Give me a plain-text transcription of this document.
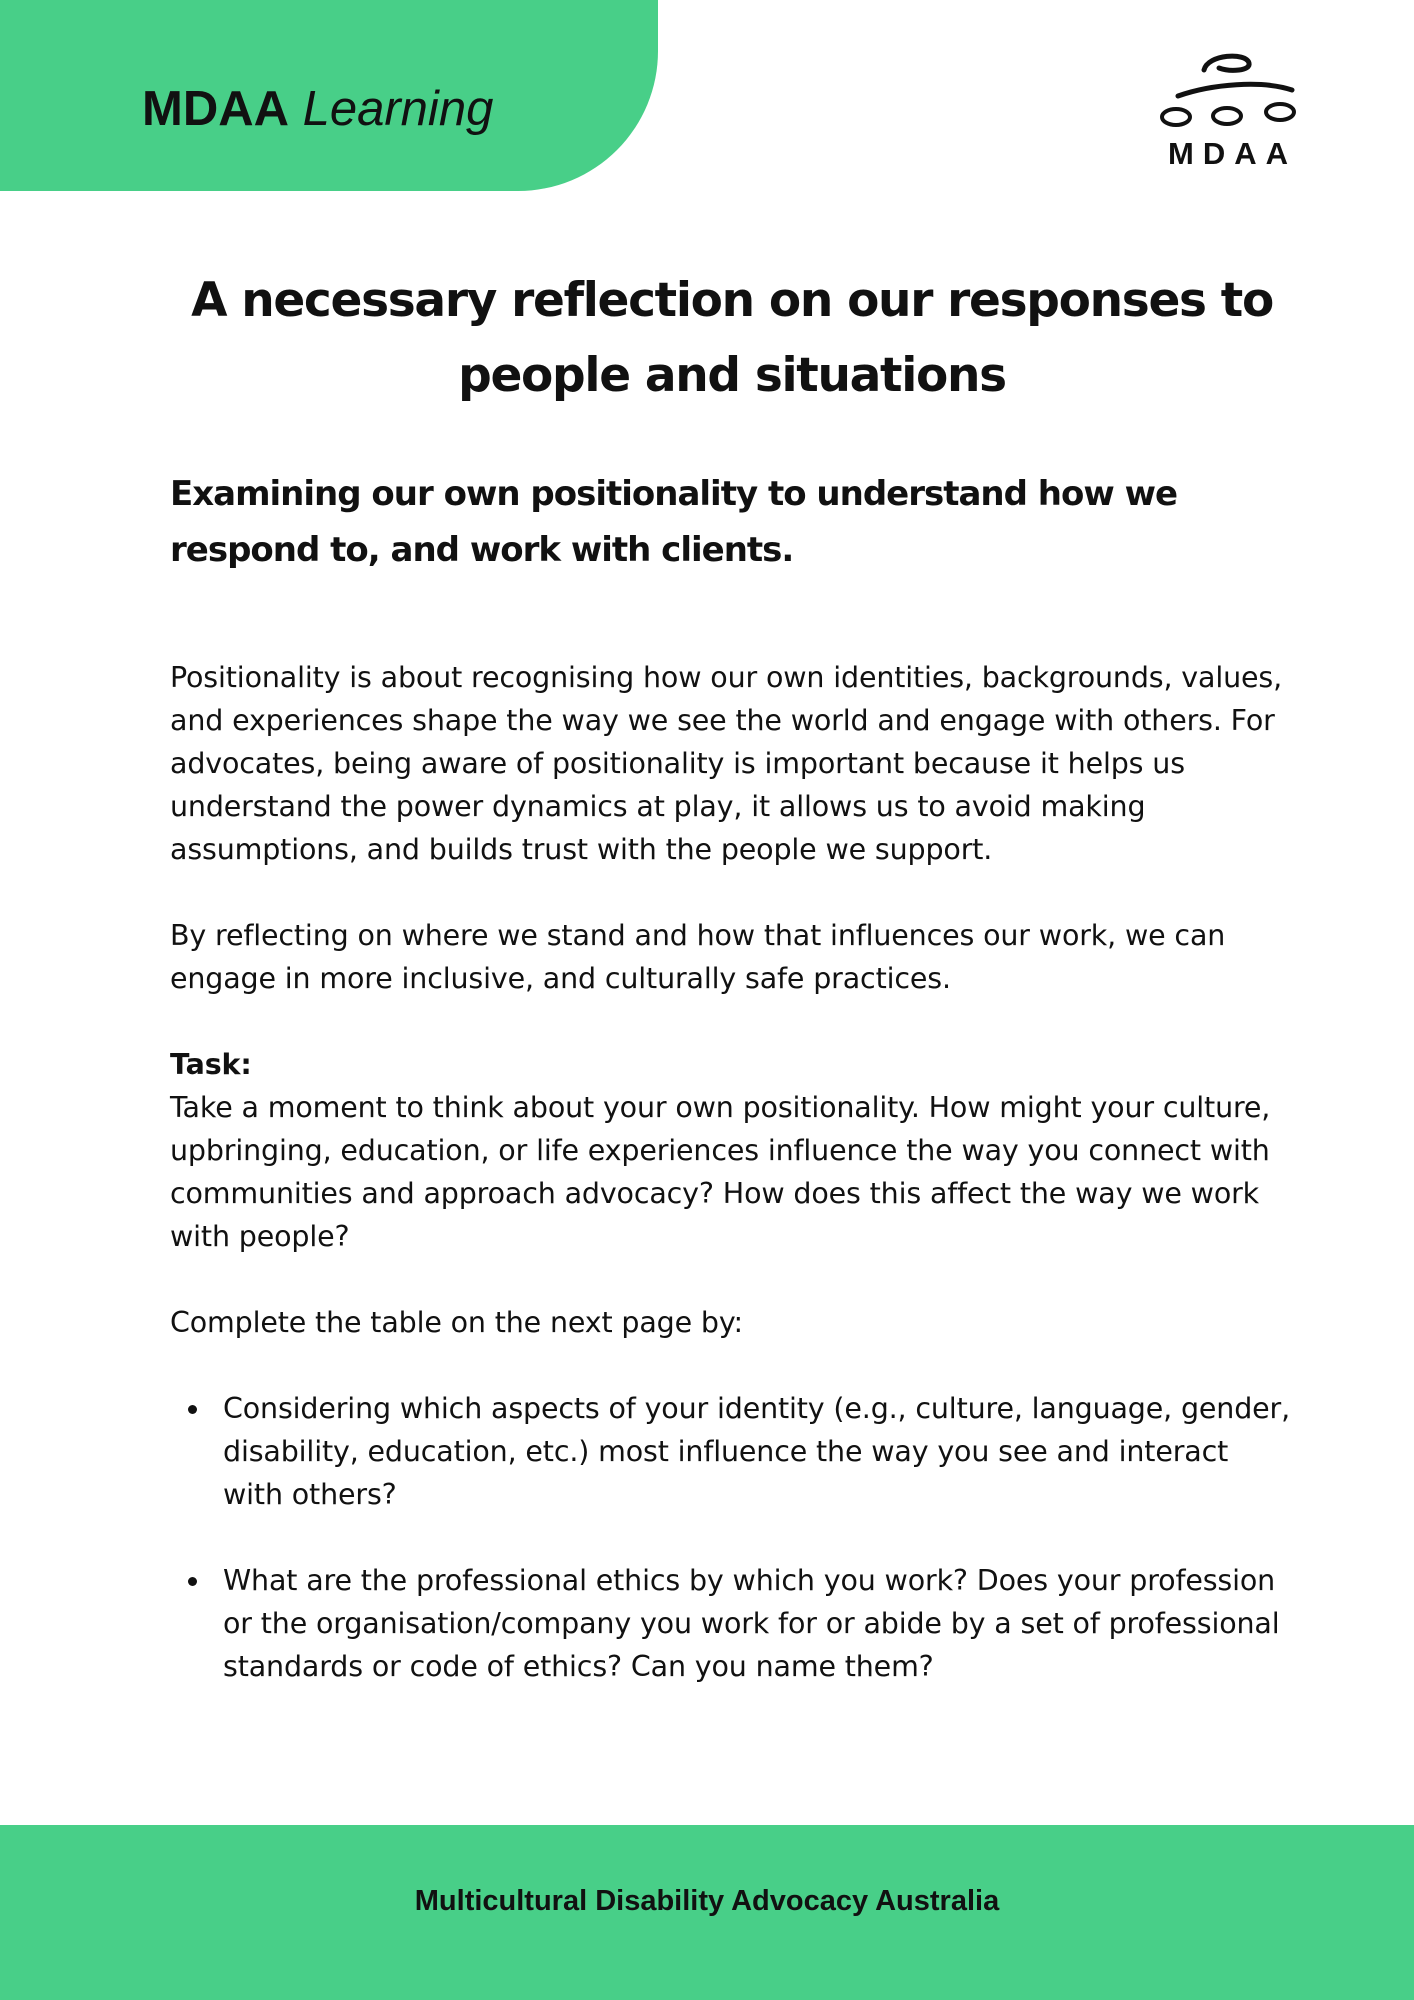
MDAA Learning
MDAA
A necessary reflection on our responses to people and situations
Examining our own positionality to understand how we respond to, and work with clients.

Positionality is about recognising how our own identities, backgrounds, values, and experiences shape the way we see the world and engage with others. For advocates, being aware of positionality is important because it helps us understand the power dynamics at play, it allows us to avoid making assumptions, and builds trust with the people we support.

By reflecting on where we stand and how that influences our work, we can engage in more inclusive, and culturally safe practices.

Task:
Take a moment to think about your own positionality. How might your culture, upbringing, education, or life experiences influence the way you connect with communities and approach advocacy? How does this affect the way we work with people?

Complete the table on the next page by:

Considering which aspects of your identity (e.g., culture, language, gender, disability, education, etc.) most influence the way you see and interact with others?
What are the professional ethics by which you work? Does your profession or the organisation/company you work for or abide by a set of professional standards or code of ethics? Can you name them?
Multicultural Disability Advocacy Australia
